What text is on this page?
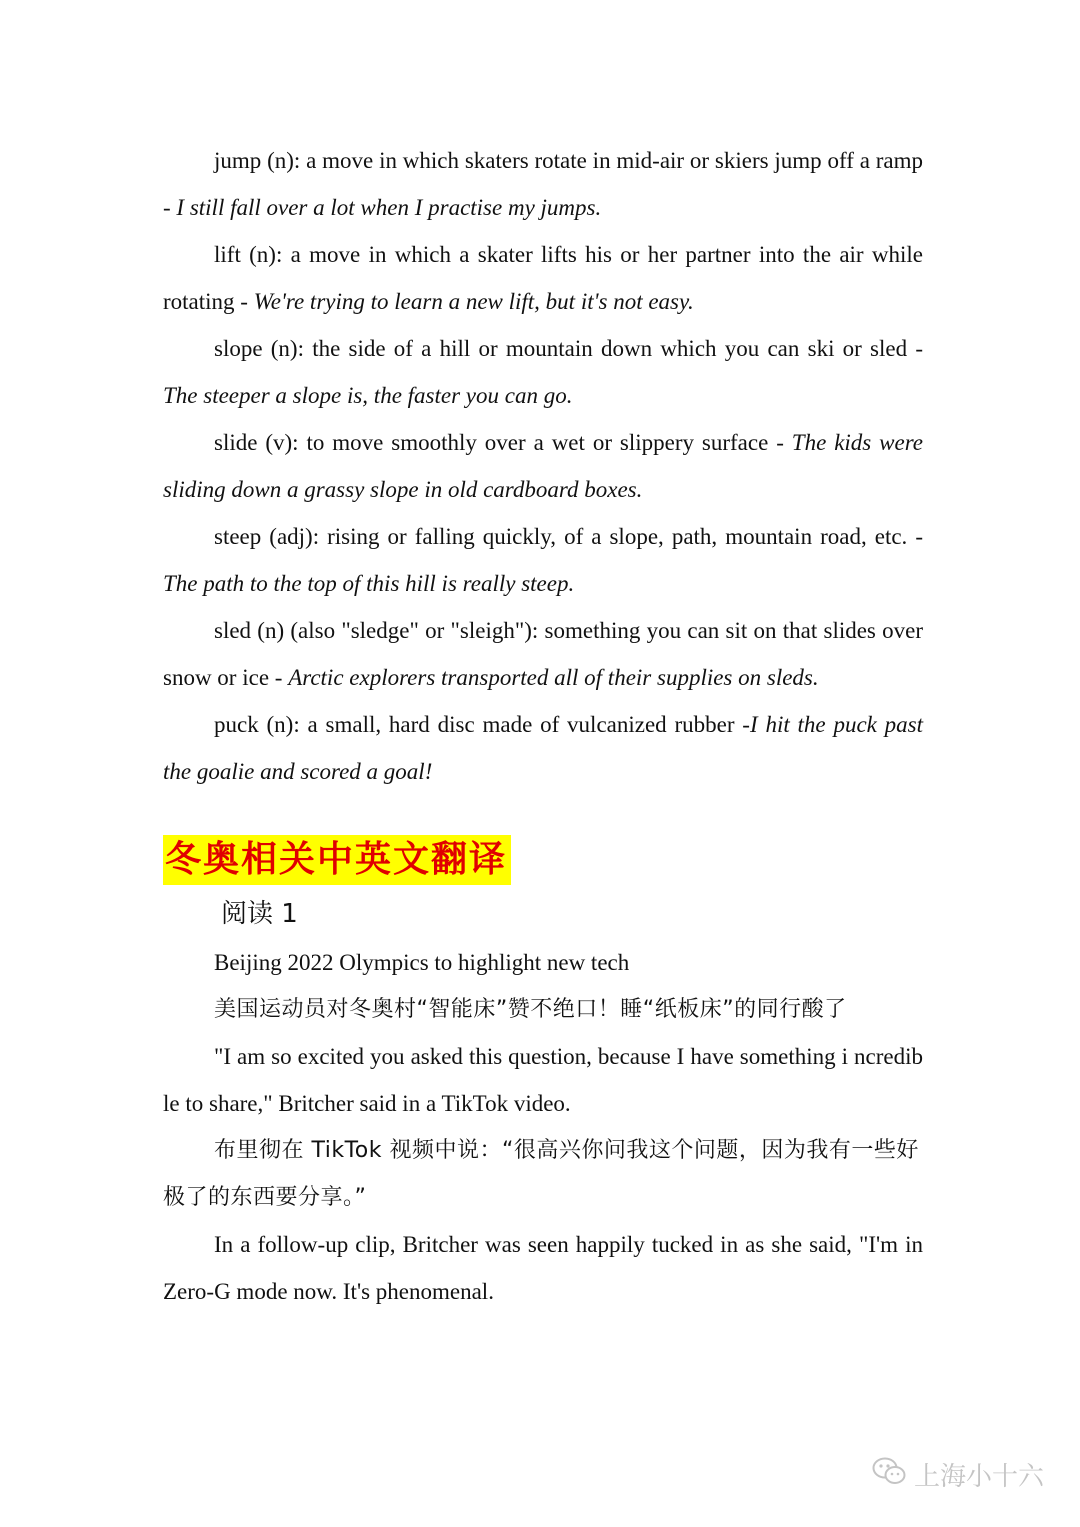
jump (n): a move in which skaters rotate in mid-air or skiers jump off a ramp - I still fall over a lot when I practise my jumps.

lift (n): a move in which a skater lifts his or her partner into the air while rotating - We're trying to learn a new lift, but it's not easy.

slope (n): the side of a hill or mountain down which you can ski or sled - The steeper a slope is, the faster you can go.

slide (v): to move smoothly over a wet or slippery surface - The kids were sliding down a grassy slope in old cardboard boxes.

steep (adj): rising or falling quickly, of a slope, path, mountain road, etc. - The path to the top of this hill is really steep.

sled (n) (also "sledge" or "sleigh"): something you can sit on that slides over snow or ice - Arctic explorers transported all of their supplies on sleds.

puck (n): a small, hard disc made of vulcanized rubber -I hit the puck past the goalie and scored a goal!

冬奥相关中英文翻译

阅读 1

Beijing 2022 Olympics to highlight new tech

美国运动员对冬奥村“智能床”赞不绝口！睡“纸板床”的同行酸了

"I am so excited you asked this question, because I have something i ncredible to share," Britcher said in a TikTok video.

布里彻在 TikTok 视频中说：“很高兴你问我这个问题，因为我有一些好极了的东西要分享。”

In a follow-up clip, Britcher was seen happily tucked in as she said, "I'm in Zero-G mode now. It's phenomenal.

上海小十六
